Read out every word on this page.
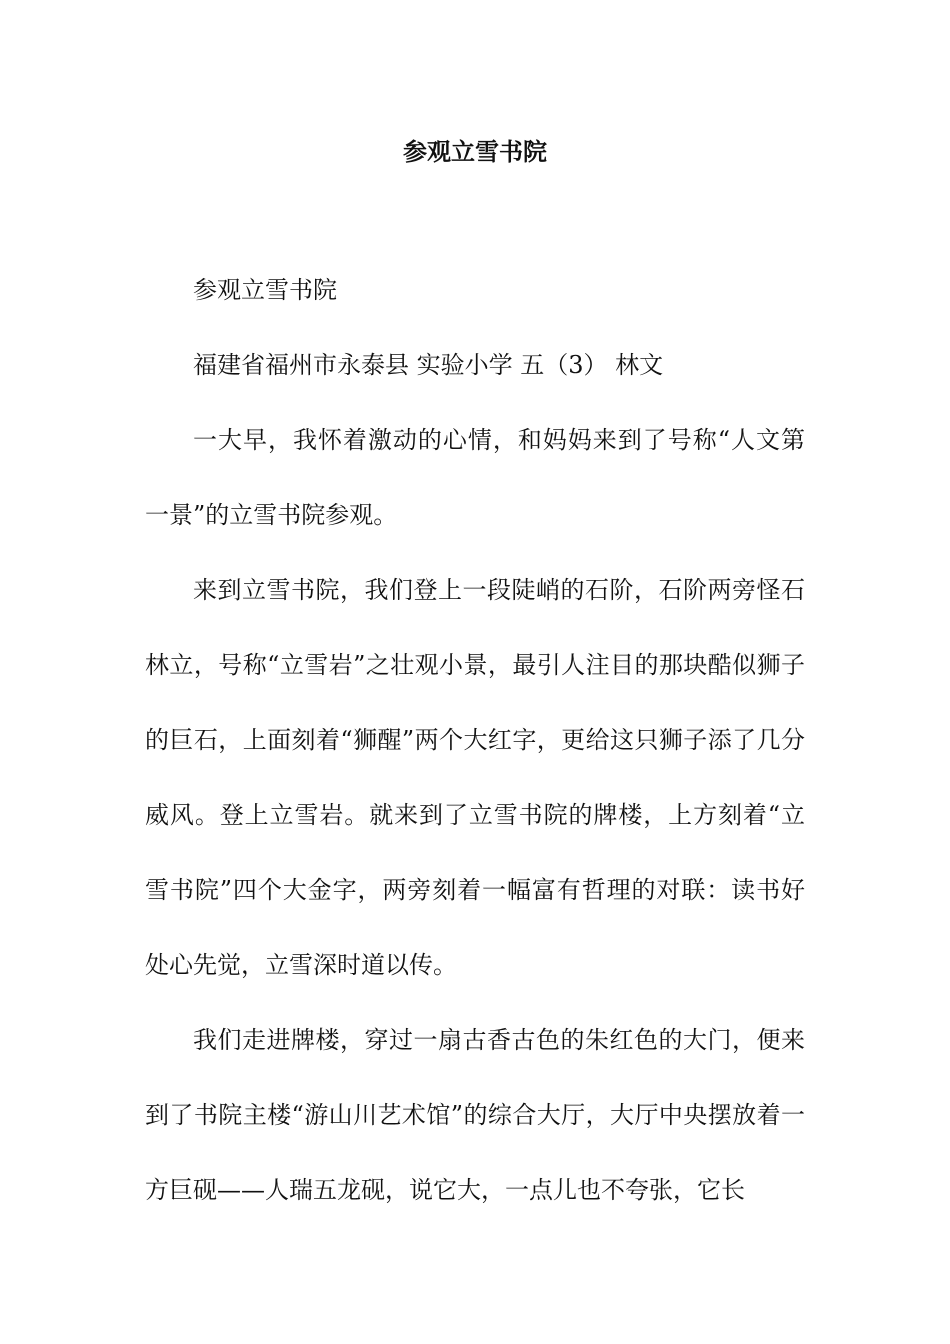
参观立雪书院

参观立雪书院

福建省福州市永泰县 实验小学 五（3） 林文

一大早，我怀着激动的心情，和妈妈来到了号称“人文第一景”的立雪书院参观。

来到立雪书院，我们登上一段陡峭的石阶，石阶两旁怪石林立，号称“立雪岩”之壮观小景，最引人注目的那块酷似狮子的巨石，上面刻着“狮醒”两个大红字，更给这只狮子添了几分威风。登上立雪岩。就来到了立雪书院的牌楼，上方刻着“立雪书院”四个大金字，两旁刻着一幅富有哲理的对联：读书好处心先觉，立雪深时道以传。

我们走进牌楼，穿过一扇古香古色的朱红色的大门，便来到了书院主楼“游山川艺术馆”的综合大厅，大厅中央摆放着一方巨砚——人瑞五龙砚，说它大，一点儿也不夸张，它长
